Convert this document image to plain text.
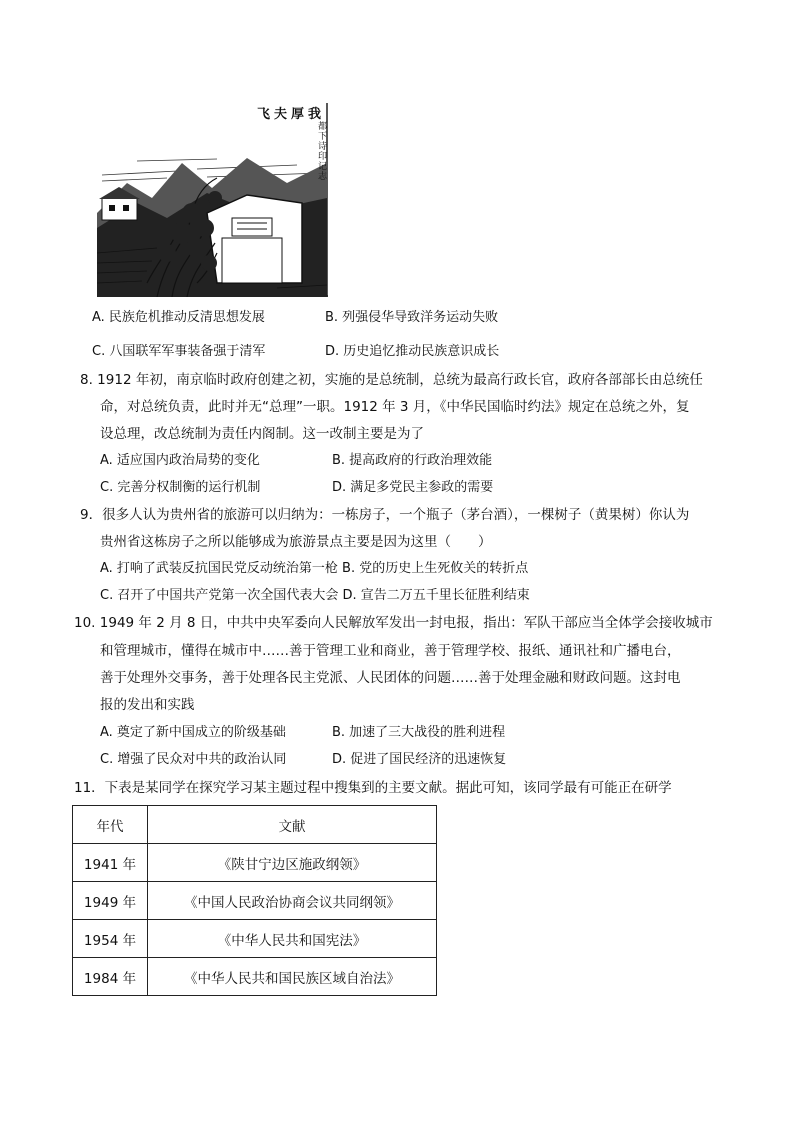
飞夫厚我
都下诗印记志
A. 民族危机推动反清思想发展	B. 列强侵华导致洋务运动失败
C. 八国联军军事装备强于清军	D. 历史追忆推动民族意识成长
8. 1912 年初，南京临时政府创建之初，实施的是总统制，总统为最高行政长官，政府各部部长由总统任
命，对总统负责，此时并无“总理”一职。1912 年 3 月，《中华民国临时约法》规定在总统之外，复
设总理，改总统制为责任内阁制。这一改制主要是为了
A. 适应国内政治局势的变化	B. 提高政府的行政治理效能
C. 完善分权制衡的运行机制	D. 满足多党民主参政的需要
9．很多人认为贵州省的旅游可以归纳为：一栋房子，一个瓶子（茅台酒），一棵树子（黄果树）你认为
贵州省这栋房子之所以能够成为旅游景点主要是因为这里（　　）
A. 打响了武装反抗国民党反动统治第一枪 B. 党的历史上生死攸关的转折点
C. 召开了中国共产党第一次全国代表大会 D. 宣告二万五千里长征胜利结束
10. 1949 年 2 月 8 日，中共中央军委向人民解放军发出一封电报，指出：军队干部应当全体学会接收城市
和管理城市，懂得在城市中……善于管理工业和商业，善于管理学校、报纸、通讯社和广播电台，
善于处理外交事务，善于处理各民主党派、人民团体的问题……善于处理金融和财政问题。这封电
报的发出和实践
A. 奠定了新中国成立的阶级基础	B. 加速了三大战役的胜利进程
C. 增强了民众对中共的政治认同	D. 促进了国民经济的迅速恢复
11．下表是某同学在探究学习某主题过程中搜集到的主要文献。据此可知，该同学最有可能正在研学
年代	文献
1941 年	《陕甘宁边区施政纲领》
1949 年	《中国人民政治协商会议共同纲领》
1954 年	《中华人民共和国宪法》
1984 年	《中华人民共和国民族区域自治法》
